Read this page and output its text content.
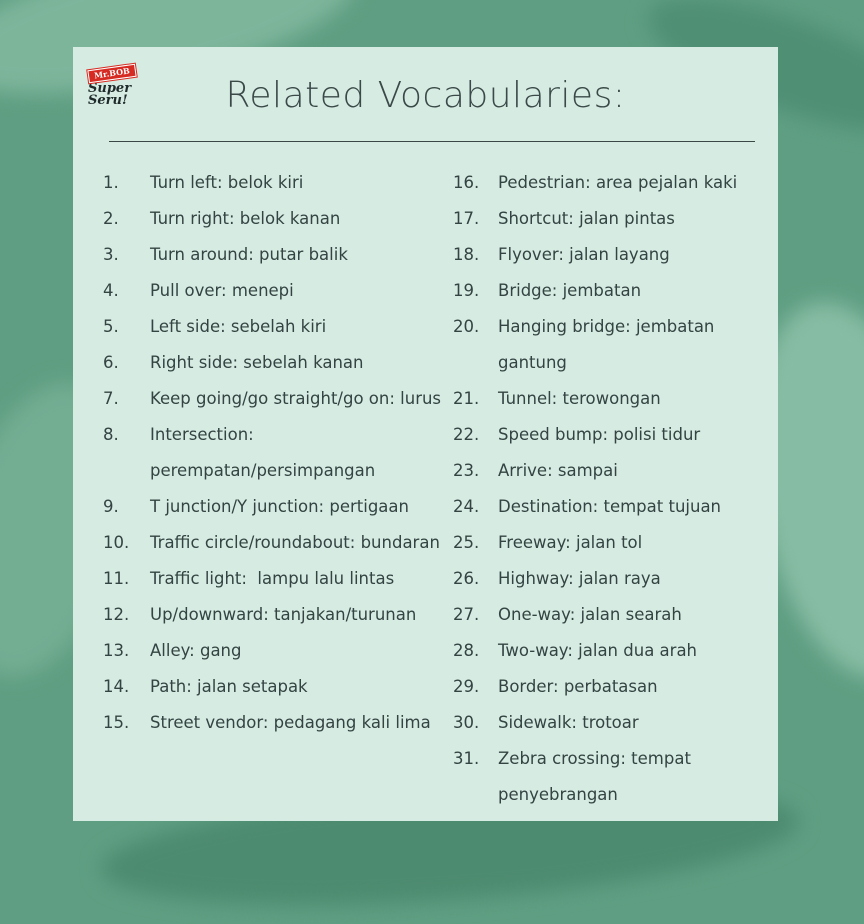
Mr.BOB
Super Seru!	Related Vocabularies:
1.	Turn left: belok kiri
2.	Turn right: belok kanan
3.	Turn around: putar balik
4.	Pull over: menepi
5.	Left side: sebelah kiri
6.	Right side: sebelah kanan
7.	Keep going/go straight/go on: lurus
8.	Intersection: perempatan/persimpangan
9.	T junction/Y junction: pertigaan
10.	Traffic circle/roundabout: bundaran
11.	Traffic light:  lampu lalu lintas
12.	Up/downward: tanjakan/turunan
13.	Alley: gang
14.	Path: jalan setapak
15.	Street vendor: pedagang kali lima
16.	Pedestrian: area pejalan kaki
17.	Shortcut: jalan pintas
18.	Flyover: jalan layang
19.	Bridge: jembatan
20.	Hanging bridge: jembatan gantung
21.	Tunnel: terowongan
22.	Speed bump: polisi tidur
23.	Arrive: sampai
24.	Destination: tempat tujuan
25.	Freeway: jalan tol
26.	Highway: jalan raya
27.	One-way: jalan searah
28.	Two-way: jalan dua arah
29.	Border: perbatasan
30.	Sidewalk: trotoar
31.	Zebra crossing: tempat penyebrangan
